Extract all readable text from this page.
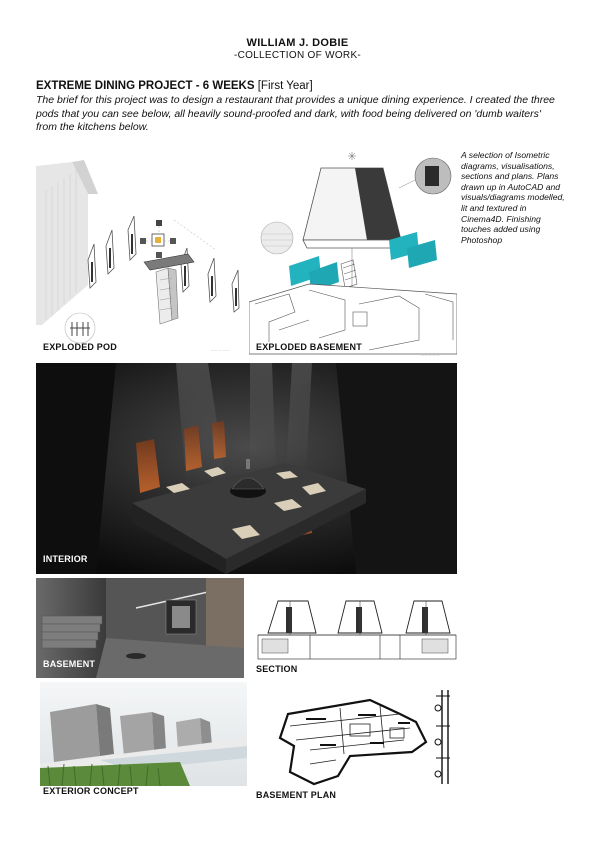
WILLIAM J. DOBIE
-COLLECTION OF WORK-
EXTREME DINING PROJECT - 6 WEEKS [First Year]
The brief for this project was to design a restaurant that provides a unique dining experience. I created the three pods that you can see below, all heavily sound-proofed and dark, with food being delivered on 'dumb waiters' from the kitchens below.
— — — — —
EXPLODED POD
— — — — —
EXPLODED BASEMENT
A selection of Isometric diagrams, visualisations, sections and plans. Plans drawn up in AutoCAD and visuals/diagrams modelled, lit and textured in Cinema4D. Finishing touches added using Photoshop
INTERIOR
BASEMENT	SECTION
EXTERIOR CONCEPT	BASEMENT PLAN
